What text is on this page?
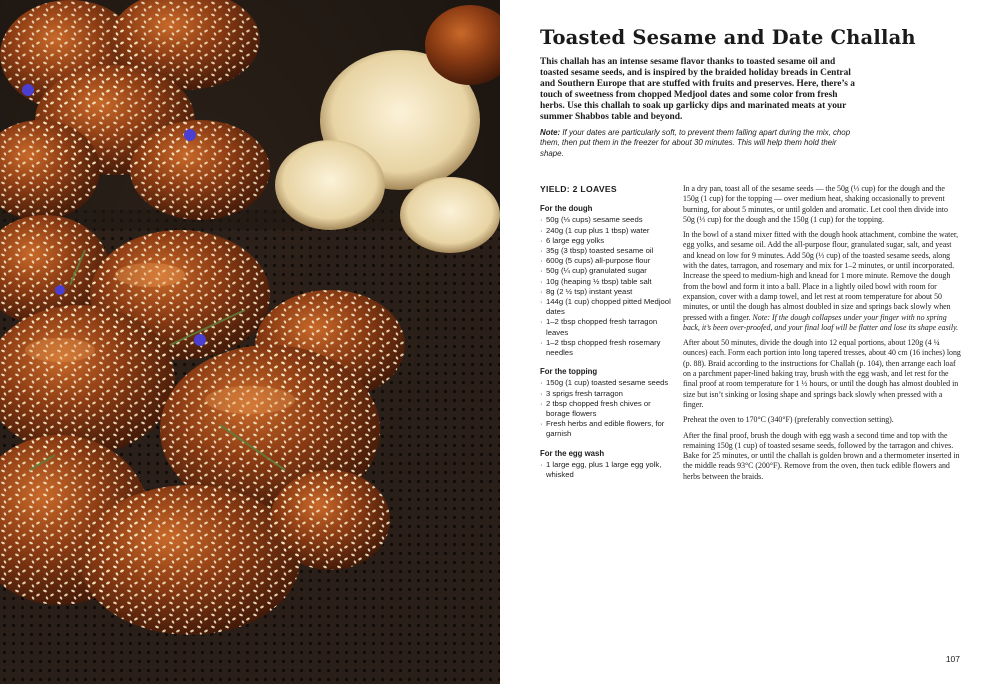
Toasted Sesame and Date Challah

This challah has an intense sesame flavor thanks to toasted sesame oil and toasted sesame seeds, and is inspired by the braided holiday breads in Central and Southern Europe that are stuffed with fruits and preserves. Here, there’s a touch of sweetness from chopped Medjool dates and some color from fresh herbs. Use this challah to soak up garlicky dips and marinated meats at your summer Shabbos table and beyond.

Note: If your dates are particularly soft, to prevent them falling apart during the mix, chop them, then put them in the freezer for about 30 minutes. This will help them hold their shape.

YIELD: 2 LOAVES
For the dough
· 50g (⅓ cups) sesame seeds
· 240g (1 cup plus 1 tbsp) water
· 6 large egg yolks
· 35g (3 tbsp) toasted sesame oil
· 600g (5 cups) all-purpose flour
· 50g (¼ cup) granulated sugar
· 10g (heaping ½ tbsp) table salt
· 8g (2 ½ tsp) instant yeast
· 144g (1 cup) chopped pitted Medjool dates
· 1–2 tbsp chopped fresh tarragon leaves
· 1–2 tbsp chopped fresh rosemary needles
For the topping
· 150g (1 cup) toasted sesame seeds
· 3 sprigs fresh tarragon
· 2 tbsp chopped fresh chives or borage flowers
· Fresh herbs and edible flowers, for garnish
For the egg wash
· 1 large egg, plus 1 large egg yolk, whisked

In a dry pan, toast all of the sesame seeds — the 50g (⅓ cup) for the dough and the 150g (1 cup) for the topping — over medium heat, shaking occasionally to prevent burning, for about 5 minutes, or until golden and aromatic. Let cool then divide into 50g (⅓ cup) for the dough and the 150g (1 cup) for the topping.

In the bowl of a stand mixer fitted with the dough hook attachment, combine the water, egg yolks, and sesame oil. Add the all-purpose flour, granulated sugar, salt, and yeast and knead on low for 9 minutes. Add 50g (⅓ cup) of the toasted sesame seeds, along with the dates, tarragon, and rosemary and mix for 1–2 minutes, or until incorporated. Increase the speed to medium-high and knead for 1 more minute. Remove the dough from the bowl and form it into a ball. Place in a lightly oiled bowl with room for expansion, cover with a damp towel, and let rest at room temperature for about 50 minutes, or until the dough has almost doubled in size and springs back slowly when pressed with a finger. Note: If the dough collapses under your finger with no spring back, it’s been over-proofed, and your final loaf will be flatter and lose its shape easily.

After about 50 minutes, divide the dough into 12 equal portions, about 120g (4 ¼ ounces) each. Form each portion into long tapered tresses, about 40 cm (16 inches) long (p. 88). Braid according to the instructions for Challah (p. 104), then arrange each loaf on a parchment paper-lined baking tray, brush with the egg wash, and let rest for the final proof at room temperature for 1 ½ hours, or until the dough has almost doubled in size but isn’t sinking or losing shape and springs back slowly when pressed with a finger.

Preheat the oven to 170°C (340°F) (preferably convection setting).

After the final proof, brush the dough with egg wash a second time and top with the remaining 150g (1 cup) of toasted sesame seeds, followed by the tarragon and chives. Bake for 25 minutes, or until the challah is golden brown and a thermometer inserted in the middle reads 93°C (200°F). Remove from the oven, then tuck edible flowers and herbs between the braids.

107
